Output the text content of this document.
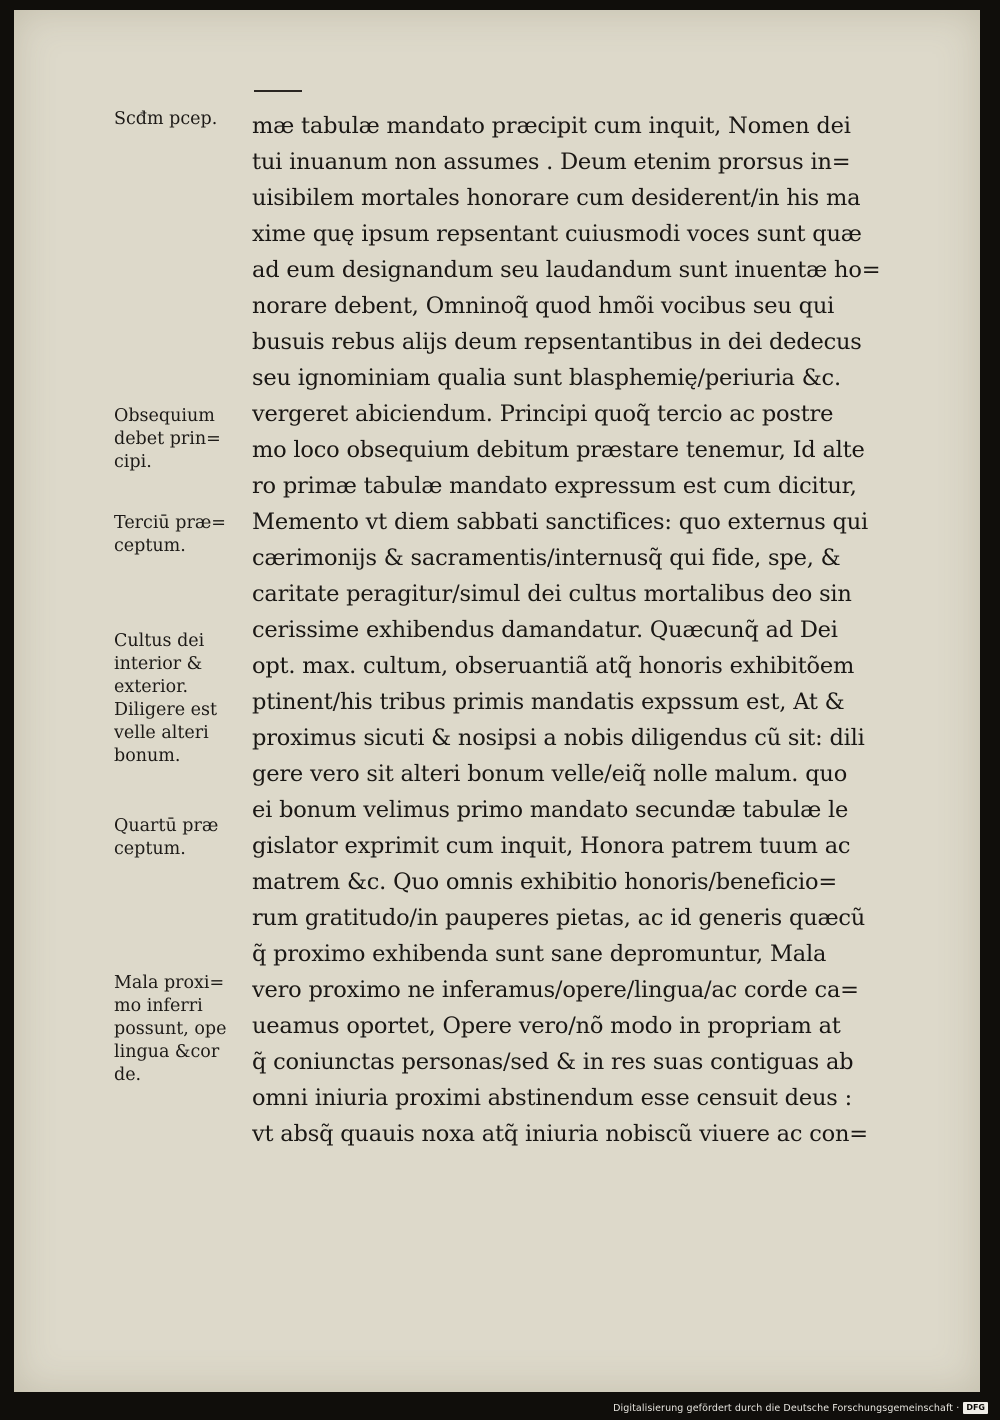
Scđm pcep.
Obsequium
debet prin=
cipi.
Terciū præ=
ceptum.
Cultus dei
interior &
exterior.
Diligere est
velle alteri
bonum.
Quartū præ
ceptum.
Mala proxi=
mo inferri
possunt, ope
lingua &cor
de.
mæ tabulæ mandato præcipit cum inquit, Nomen dei
tui inuanum non assumes . Deum etenim prorsus in=
uisibilem mortales honorare cum desiderent/in his ma
xime quę ipsum repsentant cuiusmodi voces sunt quæ
ad eum designandum seu laudandum sunt inuentæ ho=
norare debent, Omninoq̃ quod hmõi vocibus seu qui
busuis rebus alijs deum repsentantibus in dei dedecus
seu ignominiam qualia sunt blasphemię/periuria &c.
vergeret abiciendum. Principi quoq̃ tercio ac postre
mo loco obsequium debitum præstare tenemur, Id alte
ro primæ tabulæ mandato expressum est cum dicitur,
Memento vt diem sabbati sanctifices: quo externus qui
cærimonijs & sacramentis/internusq̃ qui fide, spe, &
caritate peragitur/simul dei cultus mortalibus deo sin
cerissime exhibendus damandatur. Quæcunq̃ ad Dei
opt. max. cultum, obseruantiã atq̃ honoris exhibitõem
ptinent/his tribus primis mandatis expssum est, At &
proximus sicuti & nosipsi a nobis diligendus cũ sit: dili
gere vero sit alteri bonum velle/eiq̃ nolle malum. quo
ei bonum velimus primo mandato secundæ tabulæ le
gislator exprimit cum inquit, Honora patrem tuum ac
matrem &c. Quo omnis exhibitio honoris/beneficio=
rum gratitudo/in pauperes pietas, ac id generis quæcũ
q̃ proximo exhibenda sunt sane depromuntur, Mala
vero proximo ne inferamus/opere/lingua/ac corde ca=
ueamus oportet, Opere vero/nõ modo in propriam at
q̃ coniunctas personas/sed & in res suas contiguas ab
omni iniuria proximi abstinendum esse censuit deus :
vt absq̃ quauis noxa atq̃ iniuria nobiscũ viuere ac con=
Digitalisierung gefördert durch die Deutsche Forschungsgemeinschaft · DFG
